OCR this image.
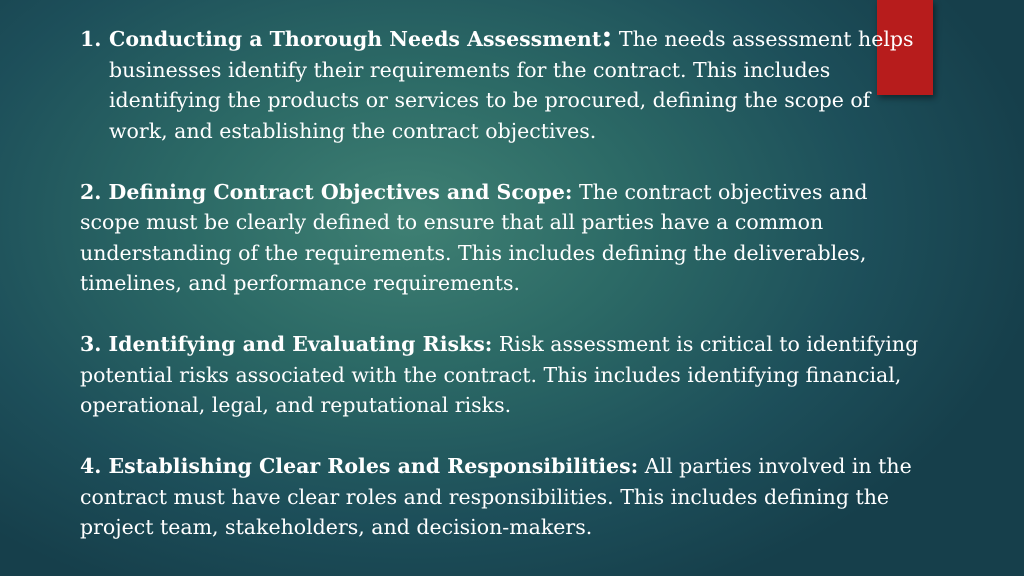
1. Conducting a Thorough Needs Assessment: The needs assessment helps businesses identify their requirements for the contract. This includes identifying the products or services to be procured, defining the scope of work, and establishing the contract objectives.
2. Defining Contract Objectives and Scope: The contract objectives and scope must be clearly defined to ensure that all parties have a common understanding of the requirements. This includes defining the deliverables, timelines, and performance requirements.
3. Identifying and Evaluating Risks: Risk assessment is critical to identifying potential risks associated with the contract. This includes identifying financial, operational, legal, and reputational risks.
4. Establishing Clear Roles and Responsibilities: All parties involved in the contract must have clear roles and responsibilities. This includes defining the project team, stakeholders, and decision-makers.
